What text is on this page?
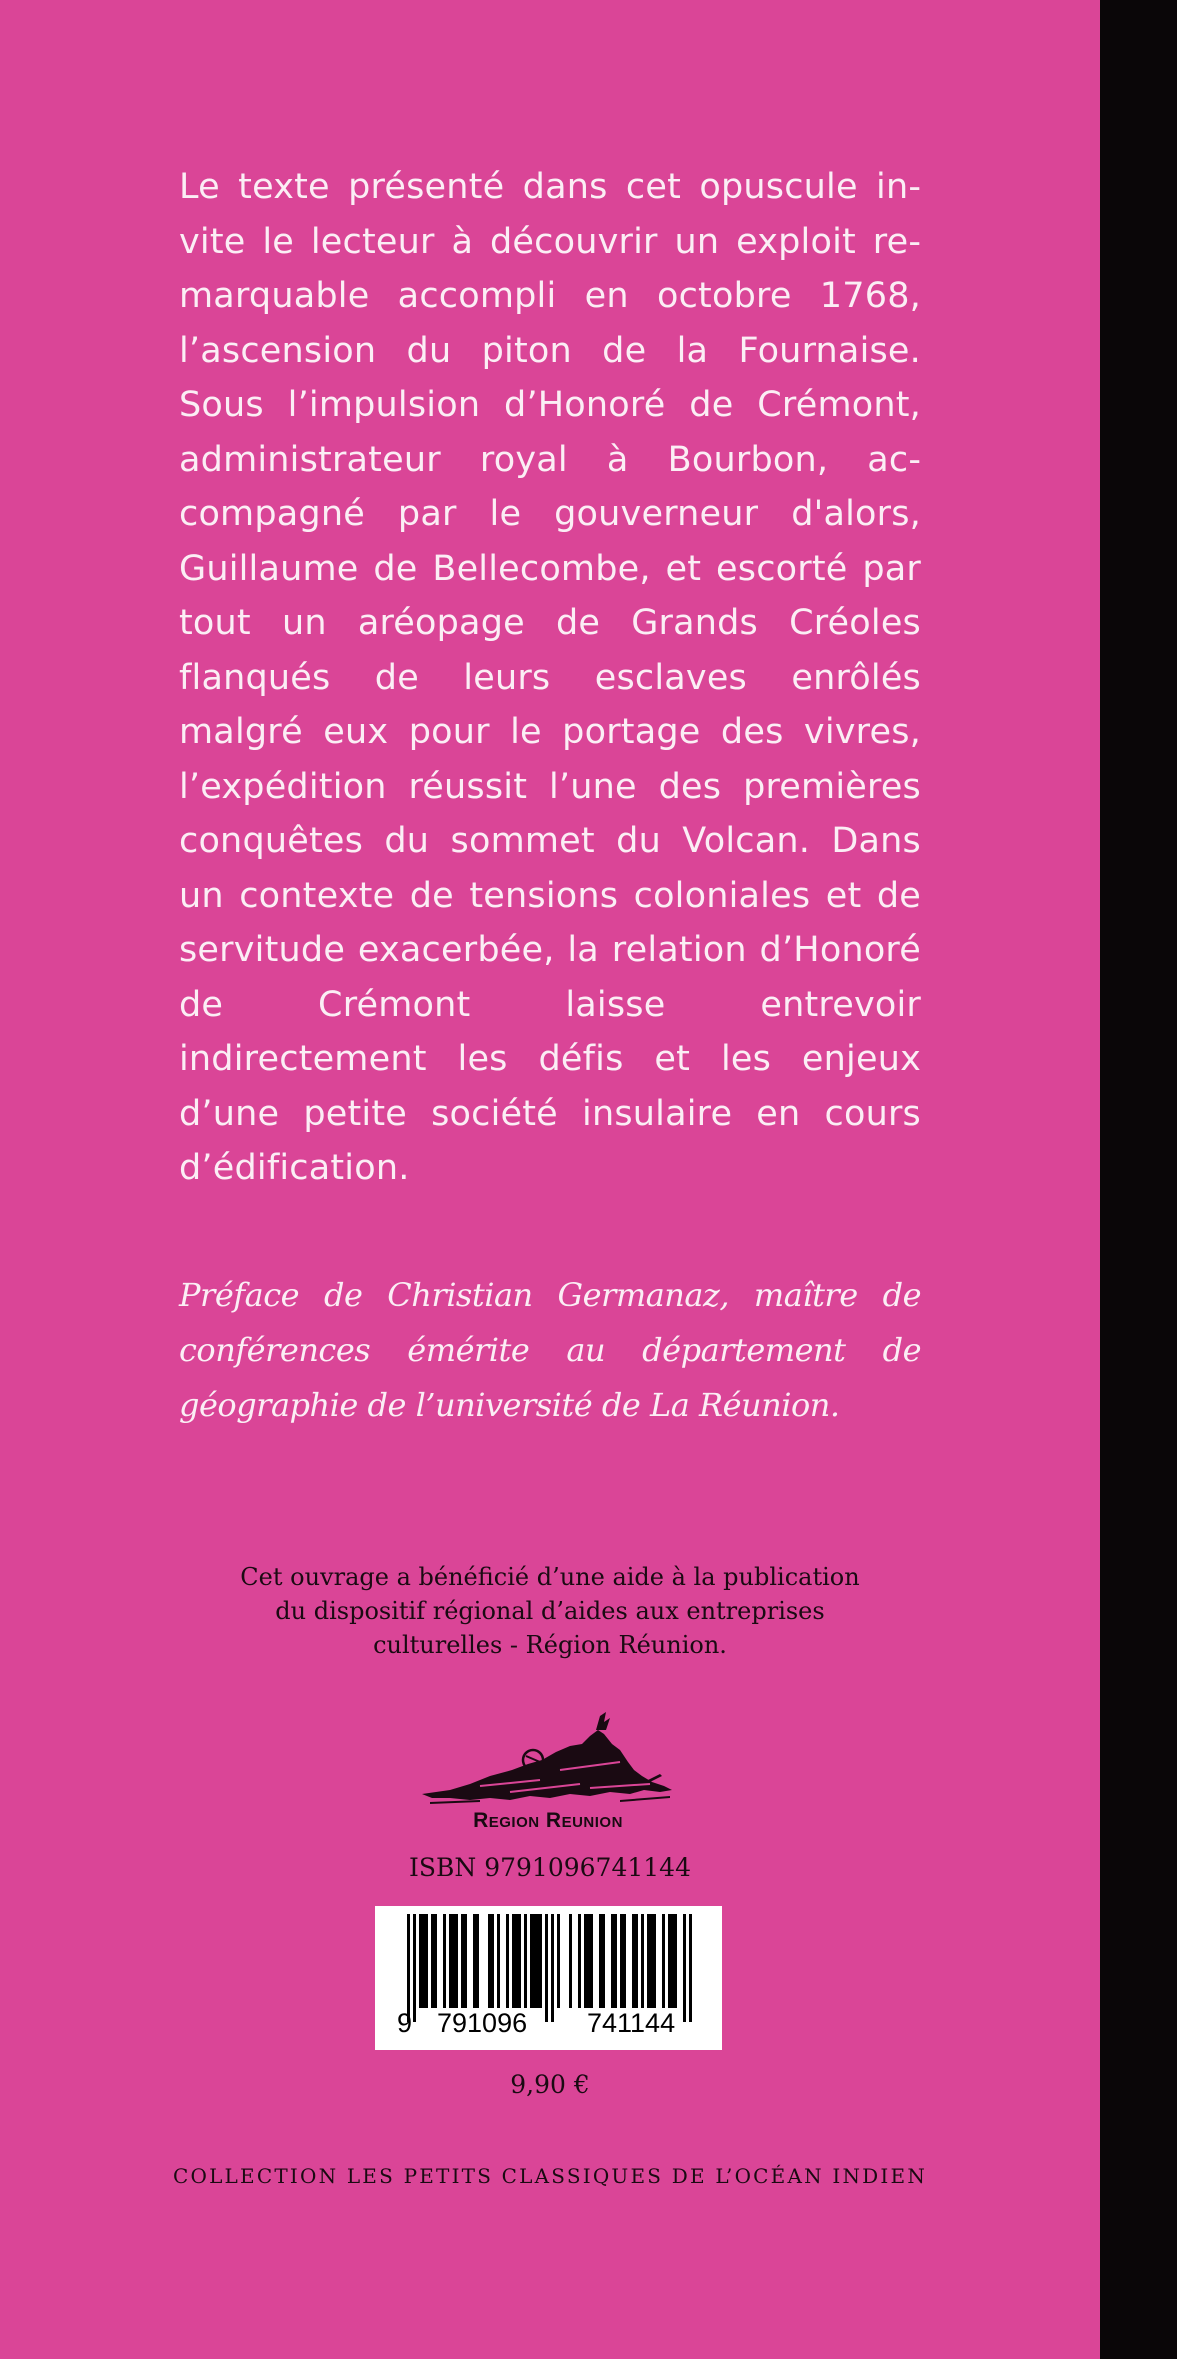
Le texte présenté dans cet opuscule invite le lecteur à découvrir un exploit remarquable accompli en octobre 1768, l’ascension du piton de la Fournaise. Sous l’impulsion d’Honoré de Crémont, administrateur royal à Bourbon, accompagné par le gouverneur d'alors, Guillaume de Bellecombe, et escorté par tout un aréopage de Grands Créoles flanqués de leurs esclaves enrôlés malgré eux pour le portage des vivres, l’expédition réussit l’une des premières conquêtes du sommet du Volcan. Dans un contexte de tensions coloniales et de servitude exacerbée, la relation d’Honoré de Crémont laisse entrevoir indirectement les défis et les enjeux d’une petite société insulaire en cours d’édification.

Préface de Christian Germanaz, maître de conférences émérite au département de géographie de l’université de La Réunion.

Cet ouvrage a bénéficié d’une aide à la publication
du dispositif régional d’aides aux entreprises
culturelles - Région Réunion.
Region Reunion

ISBN 9791096741144

9 791096 741144

9,90 €

COLLECTION LES PETITS CLASSIQUES DE L’OCÉAN INDIEN
